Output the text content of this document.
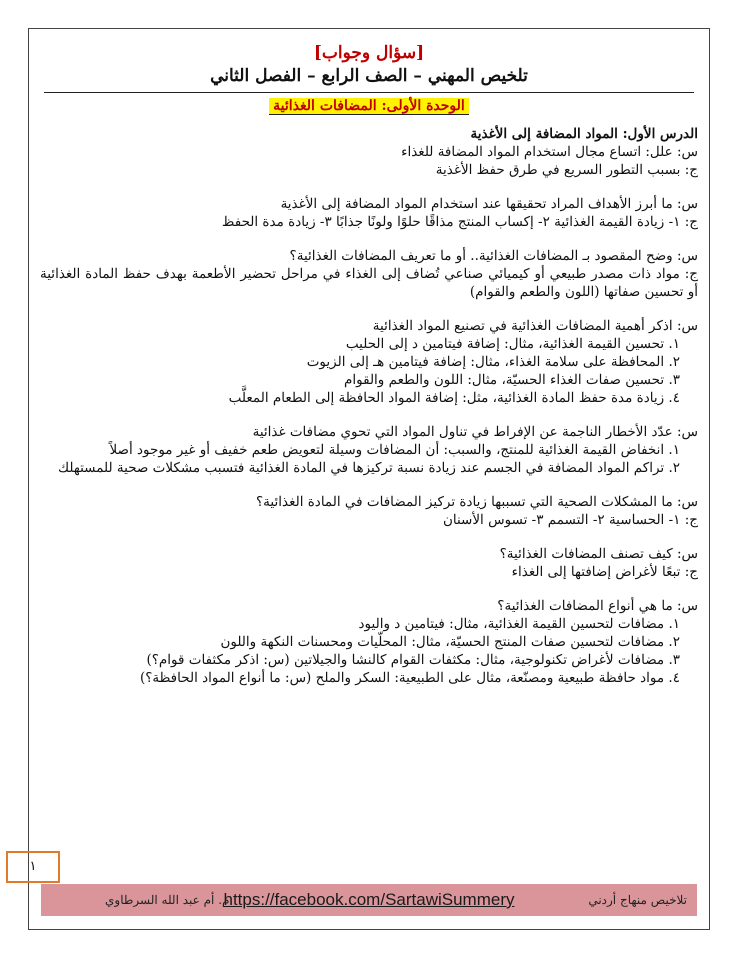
[سؤال وجواب]
تلخيص المهني – الصف الرابع – الفصل الثاني
الوحدة الأولى: المضافات الغذائية
الدرس الأول: المواد المضافة إلى الأغذية
س: علل: اتساع مجال استخدام المواد المضافة للغذاء
ج: بسبب التطور السريع في طرق حفظ الأغذية
س: ما أبرز الأهداف المراد تحقيقها عند استخدام المواد المضافة إلى الأغذية
ج: ١- زيادة القيمة الغذائية ٢- إكساب المنتج مذاقًا حلوًا ولونًا جذابًا ٣- زيادة مدة الحفظ
س: وضح المقصود بـ المضافات الغذائية.. أو ما تعريف المضافات الغذائية؟
ج: مواد ذات مصدر طبيعي أو كيميائي صناعي تُضاف إلى الغذاء في مراحل تحضير الأطعمة بهدف حفظ المادة الغذائية أو تحسين صفاتها (اللون والطعم والقوام)
س: اذكر أهمية المضافات الغذائية في تصنيع المواد الغذائية
١. تحسين القيمة الغذائية، مثال: إضافة فيتامين د إلى الحليب
٢. المحافظة على سلامة الغذاء، مثال: إضافة فيتامين هـ إلى الزيوت
٣. تحسين صفات الغذاء الحسيّة، مثال: اللون والطعم والقوام
٤. زيادة مدة حفظ المادة الغذائية، مثل: إضافة المواد الحافظة إلى الطعام المعلَّب
س: عدّد الأخطار الناجمة عن الإفراط في تناول المواد التي تحوي مضافات غذائية
١. انخفاض القيمة الغذائية للمنتج، والسبب: أن المضافات وسيلة لتعويض طعم خفيف أو غير موجود أصلاً
٢. تراكم المواد المضافة في الجسم عند زيادة نسبة تركيزها في المادة الغذائية فتسبب مشكلات صحية للمستهلك
س: ما المشكلات الصحية التي تسببها زيادة تركيز المضافات في المادة الغذائية؟
ج: ١- الحساسية ٢- التسمم ٣- تسوس الأسنان
س: كيف تصنف المضافات الغذائية؟
ج: تبعًا لأغراض إضافتها إلى الغذاء
س: ما هي أنواع المضافات الغذائية؟
١. مضافات لتحسين القيمة الغذائية، مثال: فيتامين د واليود
٢. مضافات لتحسين صفات المنتج الحسيّة، مثال: المحلّيات ومحسنات النكهة واللون
٣. مضافات لأغراض تكنولوجية، مثال: مكثفات القوام كالنشا والجيلاتين (س: اذكر مكثفات قوام؟)
٤. مواد حافظة طبيعية ومصنّعة، مثال على الطبيعية: السكر والملح (س: ما أنواع المواد الحافظة؟)
١
تلاخيص منهاج أردني
https://facebook.com/SartawiSummery
م. أم عبد الله السرطاوي
